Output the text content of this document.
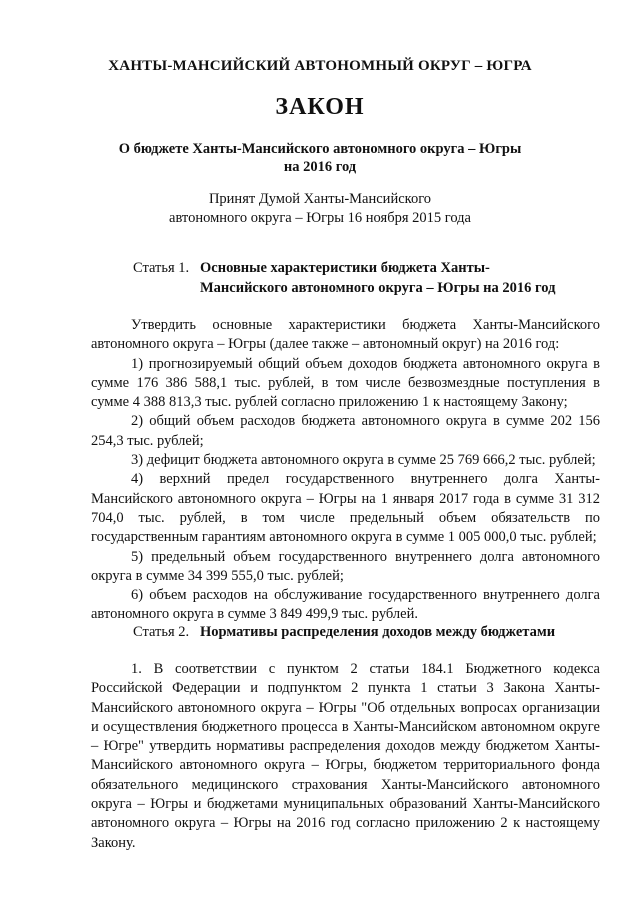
ХАНТЫ-МАНСИЙСКИЙ АВТОНОМНЫЙ ОКРУГ – ЮГРА
ЗАКОН
О бюджете Ханты-Мансийского автономного округа – Югры
на 2016 год
Принят Думой Ханты-Мансийского
автономного округа – Югры 16 ноября 2015 года
Статья 1. Основные характеристики бюджета Ханты-
Мансийского автономного округа – Югры на 2016 год

Утвердить основные характеристики бюджета Ханты-Мансийского автономного округа – Югры (далее также – автономный округ) на 2016 год:

1) прогнозируемый общий объем доходов бюджета автономного округа в сумме 176 386 588,1 тыс. рублей, в том числе безвозмездные поступления в сумме 4 388 813,3 тыс. рублей согласно приложению 1 к настоящему Закону;

2) общий объем расходов бюджета автономного округа в сумме 202 156 254,3 тыс. рублей;

3) дефицит бюджета автономного округа в сумме 25 769 666,2 тыс. рублей;

4) верхний предел государственного внутреннего долга Ханты-Мансийского автономного округа – Югры на 1 января 2017 года в сумме 31 312 704,0 тыс. рублей, в том числе предельный объем обязательств по государственным гарантиям автономного округа в сумме 1 005 000,0 тыс. рублей;

5) предельный объем государственного внутреннего долга автономного округа в сумме 34 399 555,0 тыс. рублей;

6) объем расходов на обслуживание государственного внутреннего долга автономного округа в сумме 3 849 499,9 тыс. рублей.

Статья 2. Нормативы распределения доходов между бюджетами

1. В соответствии с пунктом 2 статьи 184.1 Бюджетного кодекса Российской Федерации и подпунктом 2 пункта 1 статьи 3 Закона Ханты-Мансийского автономного округа – Югры "Об отдельных вопросах организации и осуществления бюджетного процесса в Ханты-Мансийском автономном округе – Югре" утвердить нормативы распределения доходов между бюджетом Ханты-Мансийского автономного округа – Югры, бюджетом территориального фонда обязательного медицинского страхования Ханты-Мансийского автономного округа – Югры и бюджетами муниципальных образований Ханты-Мансийского автономного округа – Югры на 2016 год согласно приложению 2 к настоящему Закону.
